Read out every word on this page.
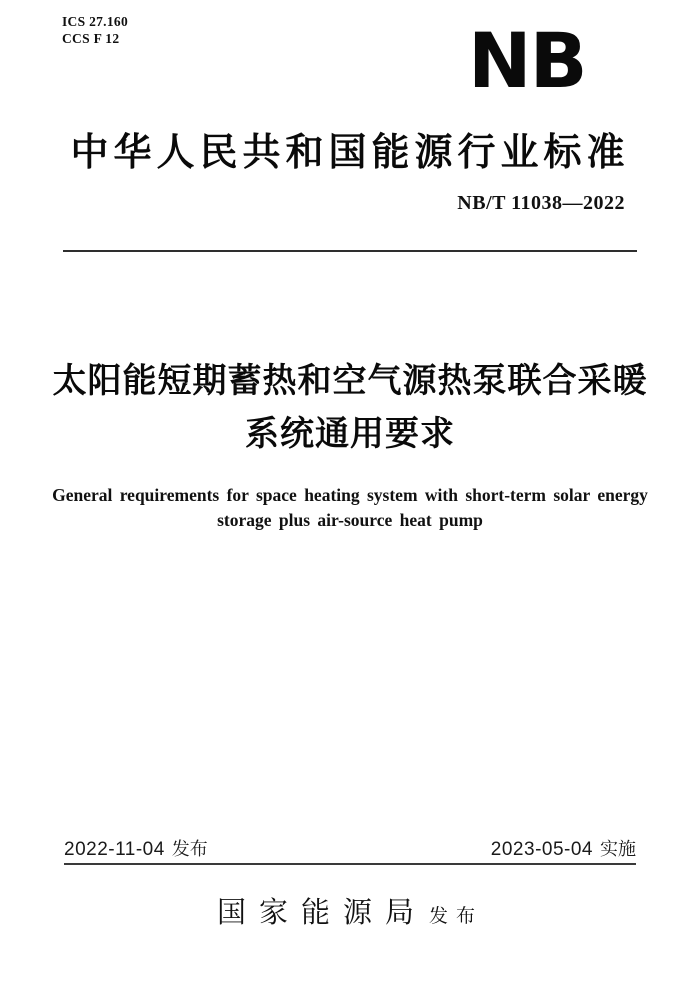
ICS 27.160
CCS F 12	NB
中华人民共和国能源行业标准
NB/T 11038—2022
太阳能短期蓄热和空气源热泵联合采暖
系统通用要求
General requirements for space heating system with short-term solar energy
storage plus air-source heat pump
2022-11-04 发布	2023-05-04 实施
国家能源局 发布
